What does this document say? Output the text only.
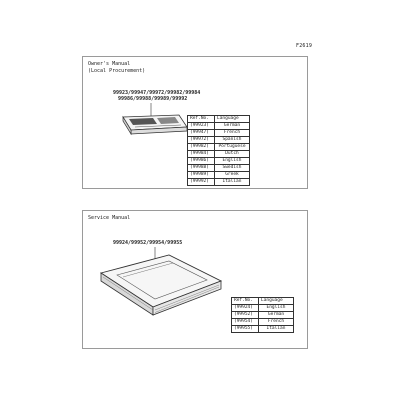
F2619
Owner's Manual
(Local Procurement)
99923/99947/99972/99982/99984
99986/99988/99989/99992
Ref.No.	Language
(99923)	German
(99947)	French
(99972)	Spanish
(99982)	Portuguese
(99984)	Dutch
(99986)	English
(99988)	Swedish
(99989)	Greek
(99992)	Italian
Service Manual
99924/99952/99954/99955
Ref.No.	Language
(99924)	English
(99952)	German
(99954)	French
(99955)	Italian
